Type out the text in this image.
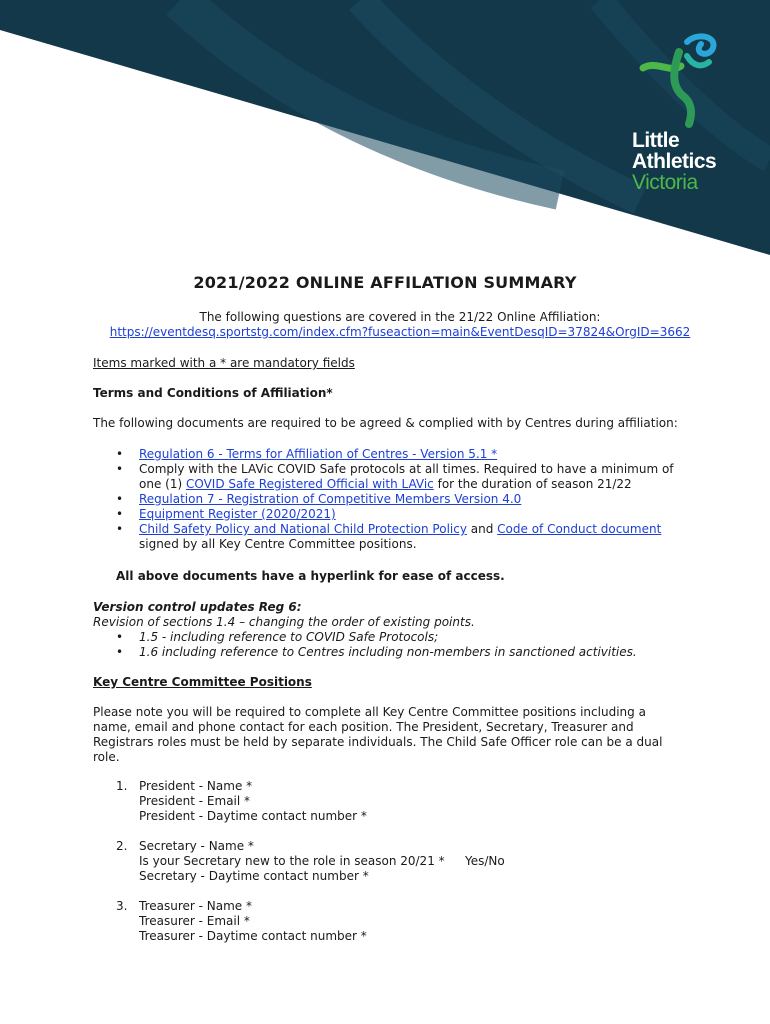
Little
Athletics
Victoria
2021/2022 ONLINE AFFILATION SUMMARY
The following questions are covered in the 21/22 Online Affiliation:
https://eventdesq.sportstg.com/index.cfm?fuseaction=main&EventDesqID=37824&OrgID=3662
Items marked with a * are mandatory fields
Terms and Conditions of Affiliation*
The following documents are required to be agreed & complied with by Centres during affiliation:
• Regulation 6 - Terms for Affiliation of Centres - Version 5.1 *
• Comply with the LAVic COVID Safe protocols at all times. Required to have a minimum of
one (1) COVID Safe Registered Official with LAVic for the duration of season 21/22
• Regulation 7 - Registration of Competitive Members Version 4.0
• Equipment Register (2020/2021)
• Child Safety Policy and National Child Protection Policy and Code of Conduct document
signed by all Key Centre Committee positions.
All above documents have a hyperlink for ease of access.
Version control updates Reg 6:
Revision of sections 1.4 – changing the order of existing points.
• 1.5 - including reference to COVID Safe Protocols;
• 1.6 including reference to Centres including non-members in sanctioned activities.
Key Centre Committee Positions
Please note you will be required to complete all Key Centre Committee positions including a
name, email and phone contact for each position. The President, Secretary, Treasurer and
Registrars roles must be held by separate individuals. The Child Safe Officer role can be a dual
role.
1. President - Name *
President - Email *
President - Daytime contact number *
2. Secretary - Name *
Is your Secretary new to the role in season 20/21 * Yes/No
Secretary - Daytime contact number *
3. Treasurer - Name *
Treasurer - Email *
Treasurer - Daytime contact number *
